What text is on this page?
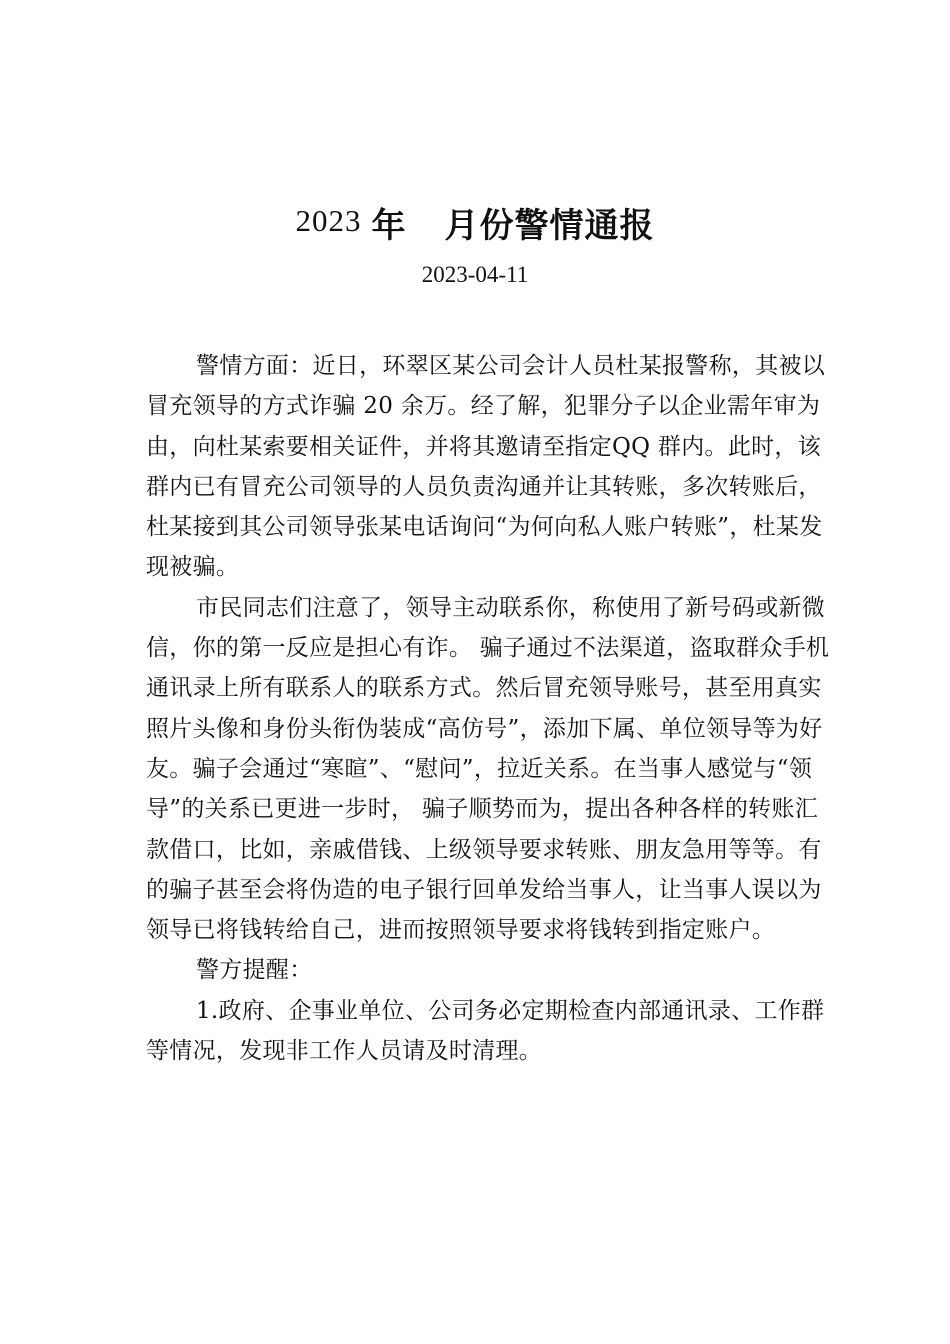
2023 年 月份警情通报
2023-04-11

警情方面：近日，环翠区某公司会计人员杜某报警称，其被以冒充领导的方式诈骗 20 余万。经了解，犯罪分子以企业需年审为由，向杜某索要相关证件，并将其邀请至指定QQ 群内。此时，该群内已有冒充公司领导的人员负责沟通并让其转账，多次转账后，杜某接到其公司领导张某电话询问“为何向私人账户转账”，杜某发现被骗。

市民同志们注意了，领导主动联系你，称使用了新号码或新微信，你的第一反应是担心有诈。 骗子通过不法渠道，盗取群众手机通讯录上所有联系人的联系方式。然后冒充领导账号，甚至用真实照片头像和身份头衔伪装成“高仿号”，添加下属、单位领导等为好友。骗子会通过“寒暄”、“慰问”，拉近关系。在当事人感觉与“领导”的关系已更进一步时， 骗子顺势而为，提出各种各样的转账汇款借口，比如，亲戚借钱、上级领导要求转账、朋友急用等等。有的骗子甚至会将伪造的电子银行回单发给当事人，让当事人误以为领导已将钱转给自己，进而按照领导要求将钱转到指定账户。

警方提醒：

1.政府、企事业单位、公司务必定期检查内部通讯录、工作群等情况，发现非工作人员请及时清理。
